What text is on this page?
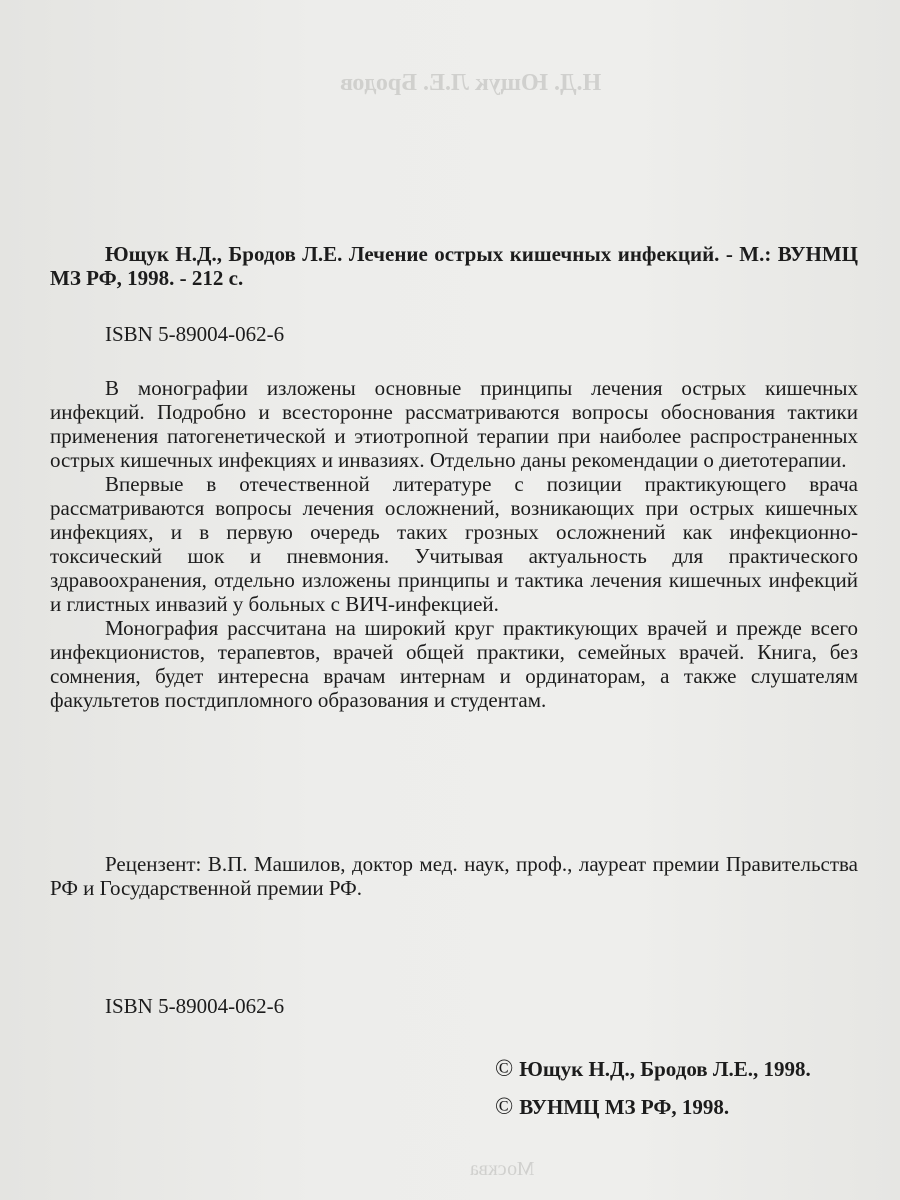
Н.Д. Ющук Л.Е. Бродов
Москва
Ющук Н.Д., Бродов Л.Е. Лечение острых кишечных инфекций. - М.: ВУНМЦ МЗ РФ, 1998. - 212 с.
ISBN 5-89004-062-6

В монографии изложены основные принципы лечения острых кишечных инфекций. Подробно и всесторонне рассматриваются вопросы обоснования тактики применения патогенетической и этиотропной терапии при наиболее распространенных острых кишечных инфекциях и инвазиях. Отдельно даны рекомендации о диетотерапии.

Впервые в отечественной литературе с позиции практикующего врача рассматриваются вопросы лечения осложнений, возникающих при острых кишечных инфекциях, и в первую очередь таких грозных осложнений как инфекционно-токсический шок и пневмония. Учитывая актуальность для практического здравоохранения, отдельно изложены принципы и тактика лечения кишечных инфекций и глистных инвазий у больных с ВИЧ-инфекцией.

Монография рассчитана на широкий круг практикующих врачей и прежде всего инфекционистов, терапевтов, врачей общей практики, семейных врачей. Книга, без сомнения, будет интересна врачам интернам и ординаторам, а также слушателям факультетов постдипломного образования и студентам.

Рецензент: В.П. Машилов, доктор мед. наук, проф., лауреат премии Правительства РФ и Государственной премии РФ.

ISBN 5-89004-062-6
© Ющук Н.Д., Бродов Л.Е., 1998.
© ВУНМЦ МЗ РФ, 1998.
